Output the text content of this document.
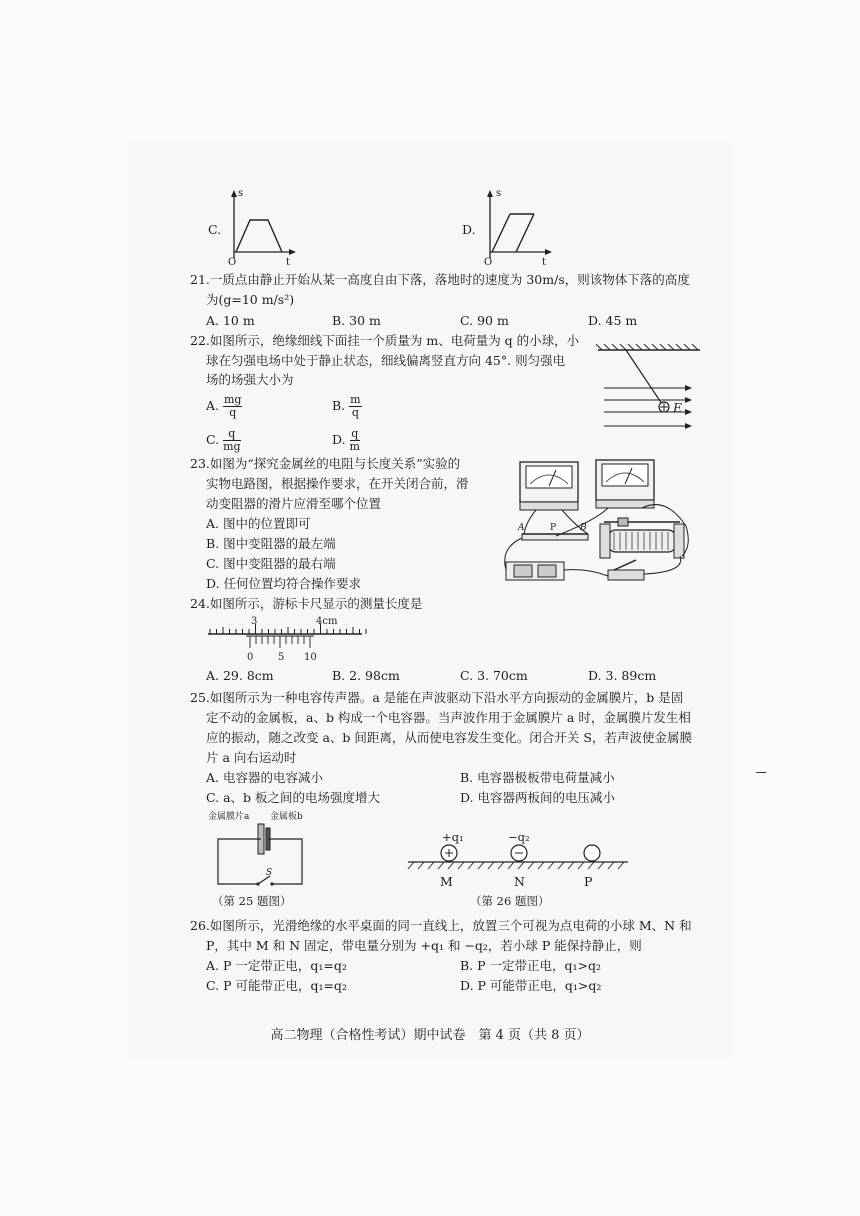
C.
s
t
O
D.
s
t
O
21.一质点由静止开始从某一高度自由下落，落地时的速度为 30m/s，则该物体下落的高度
为(g=10 m/s²)
A. 10 m	B. 30 m	C. 90 m	D. 45 m
22.如图所示，绝缘细线下面挂一个质量为 m、电荷量为 q 的小球，小
球在匀强电场中处于静止状态，细线偏离竖直方向 45°. 则匀强电
场的场强大小为
A. $\frac{mg}{q}$	B. $\frac{m}{q}$
C. $\frac{q}{mg}$	D. $\frac{q}{m}$
E
23.如图为“探究金属丝的电阻与长度关系”实验的
实物电路图，根据操作要求，在开关闭合前，滑
动变阻器的滑片应滑至哪个位置
A. 图中的位置即可
B. 图中变阻器的最左端
C. 图中变阻器的最右端
D. 任何位置均符合操作要求
A	P	B
24.如图所示，游标卡尺显示的测量长度是
3	4cm
0 5 10
A. 29. 8cm	B. 2. 98cm	C. 3. 70cm	D. 3. 89cm
25.如图所示为一种电容传声器。a 是能在声波驱动下沿水平方向振动的金属膜片，b 是固
定不动的金属板，a、b 构成一个电容器。当声波作用于金属膜片 a 时，金属膜片发生相
应的振动，随之改变 a、b 间距离，从而使电容发生变化。闭合开关 S，若声波使金属膜
片 a 向右运动时
A. 电容器的电容减小	B. 电容器极板带电荷量减小
C. a、b 板之间的电场强度增大	D. 电容器两板间的电压减小
金属膜片a 金属板b
S
（第 25 题图）
+q₁	−q₂
M	N	P
（第 26 题图）
26.如图所示，光滑绝缘的水平桌面的同一直线上，放置三个可视为点电荷的小球 M、N 和
P，其中 M 和 N 固定，带电量分别为 +q₁ 和 −q₂，若小球 P 能保持静止，则
A. P 一定带正电，q₁=q₂	B. P 一定带正电，q₁>q₂
C. P 可能带正电，q₁=q₂	D. P 可能带正电，q₁>q₂
高二物理（合格性考试）期中试卷　第 4 页（共 8 页）
